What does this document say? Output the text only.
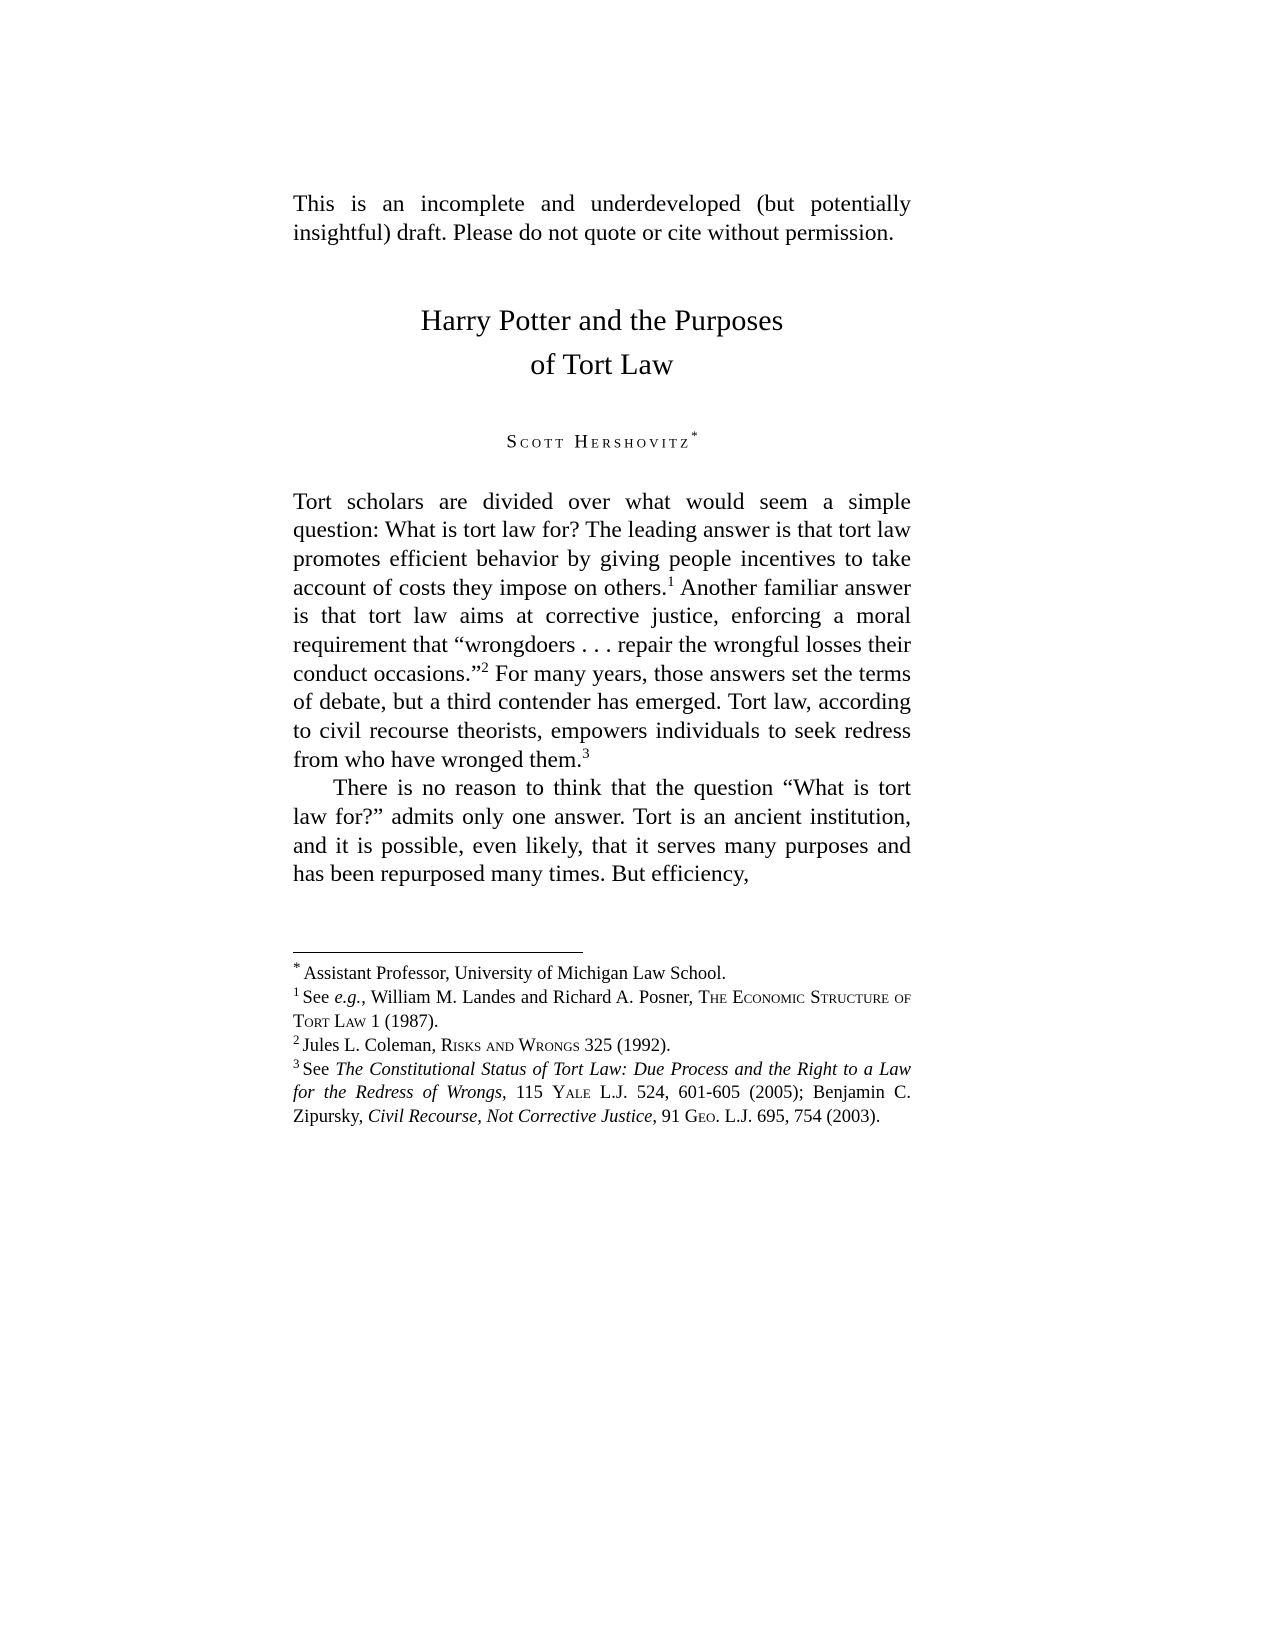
This is an incomplete and underdeveloped (but potentially insightful) draft. Please do not quote or cite without permission.

Harry Potter and the Purposes
of Tort Law
Scott Hershovitz*

Tort scholars are divided over what would seem a simple question: What is tort law for? The leading answer is that tort law promotes efficient behavior by giving people incentives to take account of costs they impose on others.$^1$ Another familiar answer is that tort law aims at corrective justice, enforcing a moral requirement that “wrongdoers . . . repair the wrongful losses their conduct occasions.”$^2$ For many years, those answers set the terms of debate, but a third contender has emerged. Tort law, according to civil recourse theorists, empowers individuals to seek redress from who have wronged them.$^3$

There is no reason to think that the question “What is tort law for?” admits only one answer. Tort is an ancient institution, and it is possible, even likely, that it serves many purposes and has been repurposed many times. But efficiency,

* Assistant Professor, University of Michigan Law School.

$^1$ See e.g., William M. Landes and Richard A. Posner, The Economic Structure of Tort Law 1 (1987).

$^2$ Jules L. Coleman, Risks and Wrongs 325 (1992).

$^3$ See The Constitutional Status of Tort Law: Due Process and the Right to a Law for the Redress of Wrongs, 115 Yale L.J. 524, 601-605 (2005); Benjamin C. Zipursky, Civil Recourse, Not Corrective Justice, 91 Geo. L.J. 695, 754 (2003).
